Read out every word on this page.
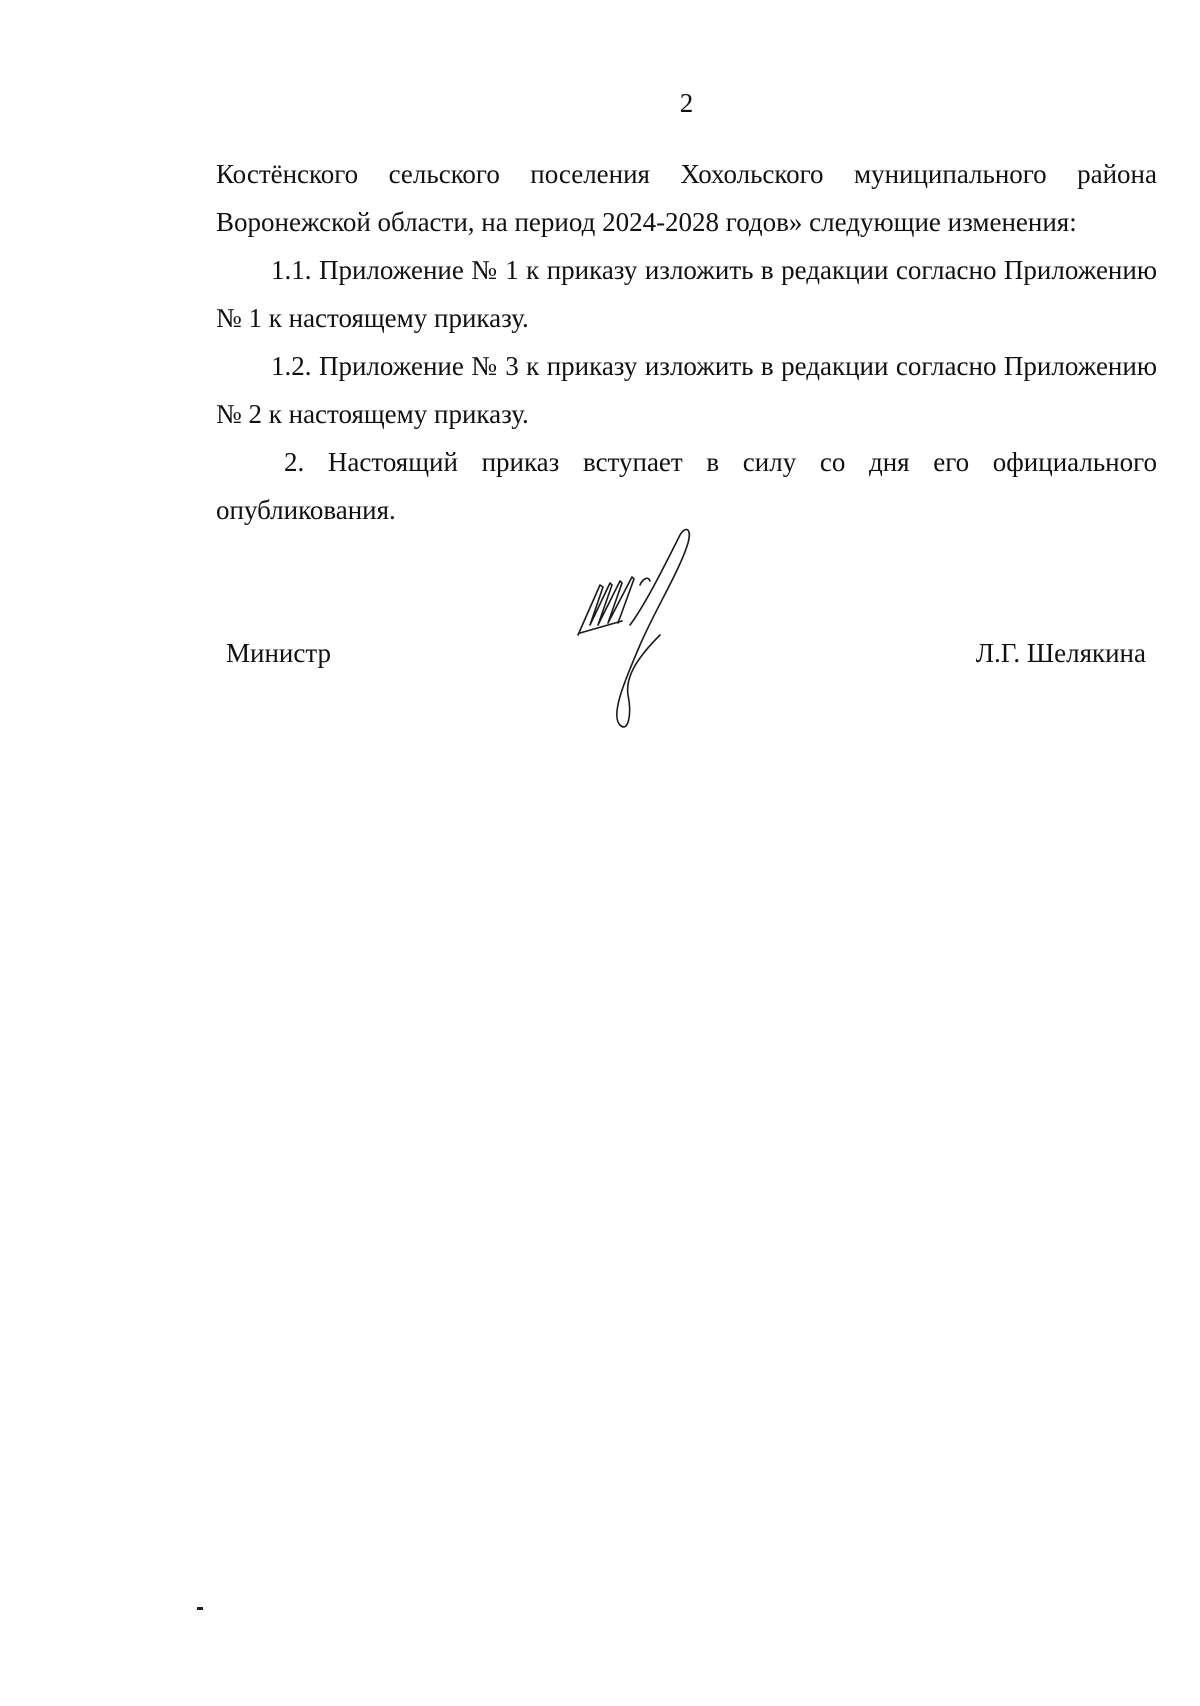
2

Костёнского сельского поселения Хохольского муниципального района Воронежской области, на период 2024-2028 годов» следующие изменения:

1.1. Приложение № 1 к приказу изложить в редакции согласно Приложению № 1 к настоящему приказу.

1.2. Приложение № 3 к приказу изложить в редакции согласно Приложению № 2 к настоящему приказу.

2. Настоящий приказ вступает в силу со дня его официального опубликования.

Министр	Л.Г. Шелякина
